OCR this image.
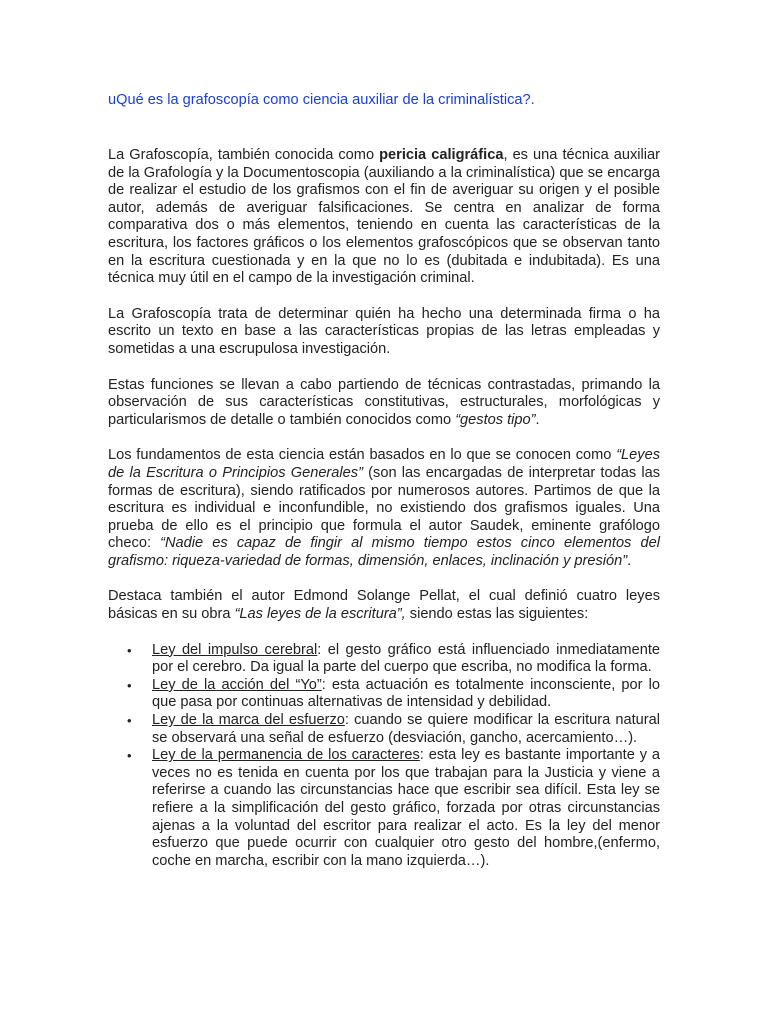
uQué es la grafoscopía como ciencia auxiliar de la criminalística?.

La Grafoscopía, también conocida como pericia caligráfica, es una técnica auxiliar de la Grafología y la Documentoscopia (auxiliando a la criminalística) que se encarga de realizar el estudio de los grafismos con el fin de averiguar su origen y el posible autor, además de averiguar falsificaciones. Se centra en analizar de forma comparativa dos o más elementos, teniendo en cuenta las características de la escritura, los factores gráficos o los elementos grafoscópicos que se observan tanto en la escritura cuestionada y en la que no lo es (dubitada e indubitada). Es una técnica muy útil en el campo de la investigación criminal.

La Grafoscopía trata de determinar quién ha hecho una determinada firma o ha escrito un texto en base a las características propias de las letras empleadas y sometidas a una escrupulosa investigación.

Estas funciones se llevan a cabo partiendo de técnicas contrastadas, primando la observación de sus características constitutivas, estructurales, morfológicas y particularismos de detalle o también conocidos como “gestos tipo”.

Los fundamentos de esta ciencia están basados en lo que se conocen como “Leyes de la Escritura o Principios Generales” (son las encargadas de interpretar todas las formas de escritura), siendo ratificados por numerosos autores. Partimos de que la escritura es individual e inconfundible, no existiendo dos grafismos iguales. Una prueba de ello es el principio que formula el autor Saudek, eminente grafólogo checo: “Nadie es capaz de fingir al mismo tiempo estos cinco elementos del grafismo: riqueza-variedad de formas, dimensión, enlaces, inclinación y presión”.

Destaca también el autor Edmond Solange Pellat, el cual definió cuatro leyes básicas en su obra “Las leyes de la escritura”, siendo estas las siguientes:

• Ley del impulso cerebral: el gesto gráfico está influenciado inmediatamente por el cerebro. Da igual la parte del cuerpo que escriba, no modifica la forma.
• Ley de la acción del “Yo”: esta actuación es totalmente inconsciente, por lo que pasa por continuas alternativas de intensidad y debilidad.
• Ley de la marca del esfuerzo: cuando se quiere modificar la escritura natural se observará una señal de esfuerzo (desviación, gancho, acercamiento…).
• Ley de la permanencia de los caracteres: esta ley es bastante importante y a veces no es tenida en cuenta por los que trabajan para la Justicia y viene a referirse a cuando las circunstancias hace que escribir sea difícil. Esta ley se refiere a la simplificación del gesto gráfico, forzada por otras circunstancias ajenas a la voluntad del escritor para realizar el acto. Es la ley del menor esfuerzo que puede ocurrir con cualquier otro gesto del hombre,(enfermo, coche en marcha, escribir con la mano izquierda…).
